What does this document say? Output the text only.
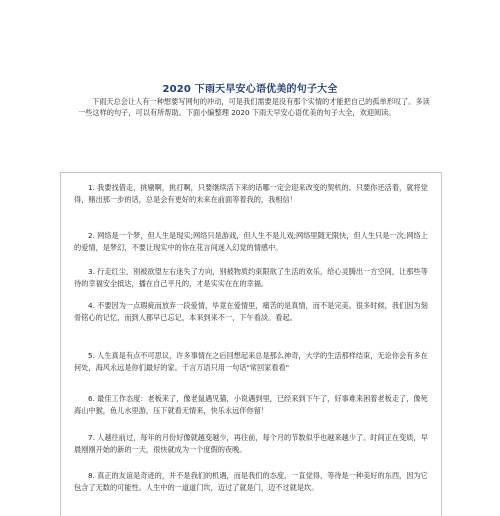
2020 下雨天早安心语优美的句子大全

下雨天总会让人有一种想要写网句的冲动，可是我们需要是没有那个实情的才能把自己的孤单形叹了。多读一些这样的句子，可以有所帮助。下面小编整理 2020 下雨天早安心语优美的句子大全，欢迎阅读。

1. 我要找借走，挑剔啊，挑打啊，只要继续活下来的话哪一定会迎来改变的契机的。只要你还活着，就将觉得，赌出那一步的话，总是会有更好的未来在前面等着我的，我相信！
2. 网络是一个梦，但人生是现实;网络只是游戏，但人生不是儿戏;网络里随无限快，但人生只是一次;网络上的爱情，是梦幻，不要让现实中的你在花言间迷入幻觉的情感中。
3. 行走红尘，别被欲望左右迷失了方向，别被物质约束限欲了生活的欢乐，给心灵腾出一方空间，让那些等待的幸福安全抵达，播在自己平凡的，才是实实在在的幸福。
4. 不要因为一点瑕疵而放弃一段爱情，毕竟在爱情里，痛苦的是真情，而不是完美。很多时候，我们因为刻骨铭心的记忆，而到人都早已忘记，本来到来不一，下午看淡。看起。
5. 人生真是有点不可思议，许多事情在之后回想起来总是那么神奇，大学的生活那样结束，无论你会有多在何处，海风永远是你们最好的家。千言万语只用一句话"常回家看看"
6. 最佳工作态度：老板来了，像老鼠遇见猫，小说遇到里，已经来到下午了，好事难来困着老板走了，像死海山中猴，鱼儿水里游，压下就看无情来，快乐永远伴你留！
7. 人越往前过，每年的月份好像就越变越少，再往前，每个月的节数似乎也越来越少了。时间正在变质，早晨刚刚开始的新的一天，很快就成为一个度假的夜晚。
8. 真正的友谊是奇迹的，并不是我们的机遇，而是我们的态度，一直觉得，等待是一种美好的东西，因为它包含了无数的可能性。人生中的一道道门坎，迈过了就是门，迈不过就是坎。
